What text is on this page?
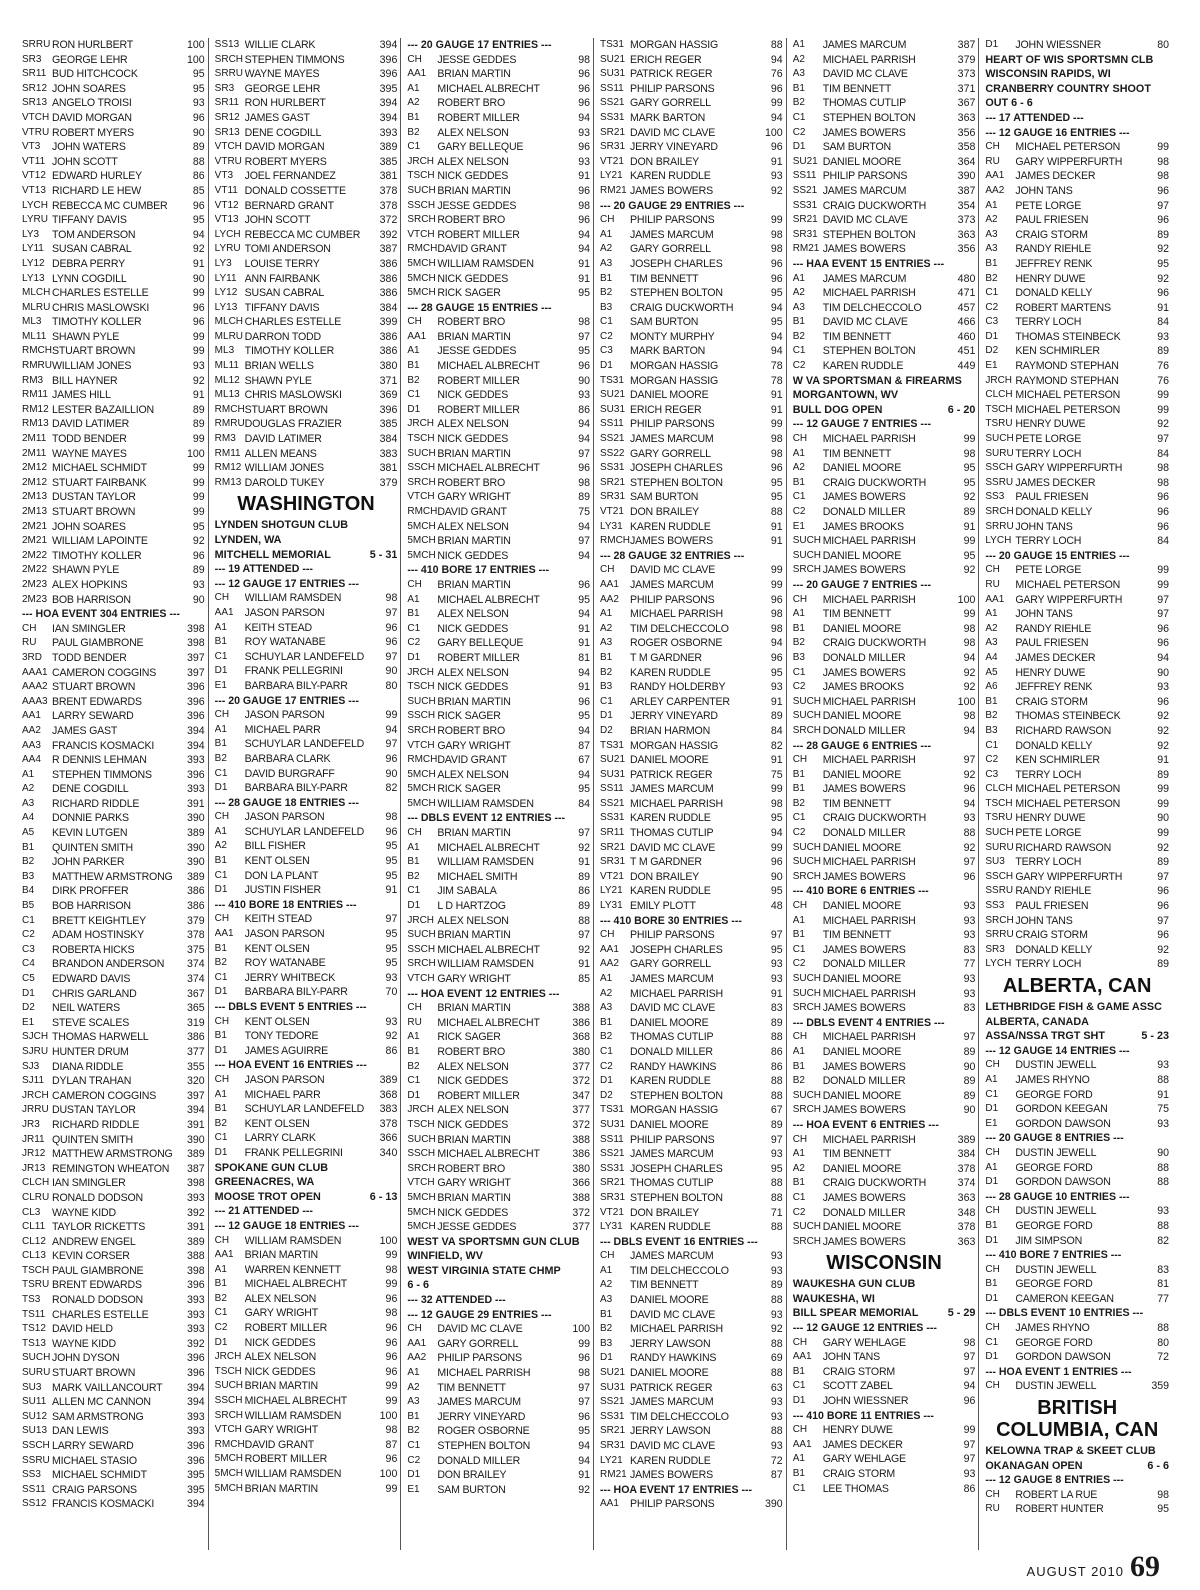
SRRU RON HURLBERT	100
SR3 GEORGE LEHR	100
SR11 BUD HITCHCOCK	95
SR12 JOHN SOARES	95
SR13 ANGELO TROISI	93
VTCH DAVID MORGAN	96
VTRU ROBERT MYERS	90
VT3	JOHN WATERS	89
VT11 JOHN SCOTT	88
VT12 EDWARD HURLEY	86
VT13 RICHARD LE HEW	85
LYCH REBECCA MC CUMBER	96
LYRU TIFFANY DAVIS	95
LY3	TOM ANDERSON	94
LY11 SUSAN CABRAL	92
LY12 DEBRA PERRY	91
LY13 LYNN COGDILL	90
MLCH CHARLES ESTELLE	99
MLRU CHRIS MASLOWSKI	96
ML3 TIMOTHY KOLLER	96
ML11 SHAWN PYLE	99
RMCH STUART BROWN	99
RMRU WILLIAM JONES	93
RM3 BILL HAYNER	92
RM11 JAMES HILL	91
RM12 LESTER BAZAILLION	89
RM13 DAVID LATIMER	89
2M11 TODD BENDER	99
2M11 WAYNE MAYES	100
2M12 MICHAEL SCHMIDT	99
2M12 STUART FAIRBANK	99
2M13 DUSTAN TAYLOR	99
2M13 STUART BROWN	99
2M21 JOHN SOARES	95
2M21 WILLIAM LAPOINTE	92
2M22 TIMOTHY KOLLER	96
2M22 SHAWN PYLE	89
2M23 ALEX HOPKINS	93
2M23 BOB HARRISON	90
--- HOA EVENT 304 ENTRIES ---
CH	IAN SMINGLER	398
RU	PAUL GIAMBRONE	398
3RD TODD BENDER	397
AAA1 CAMERON COGGINS	397
AAA2 STUART BROWN	396
AAA3 BRENT EDWARDS	396
AA1	LARRY SEWARD	396
AA2	JAMES GAST	394
AA3	FRANCIS KOSMACKI	394
AA4	R DENNIS LEHMAN	393
A1	STEPHEN TIMMONS	396
A2	DENE COGDILL	393
A3	RICHARD RIDDLE	391
A4	DONNIE PARKS	390
A5	KEVIN LUTGEN	389
B1	QUINTEN SMITH	390
B2	JOHN PARKER	390
B3	MATTHEW ARMSTRONG	389
B4	DIRK PROFFER	386
B5	BOB HARRISON	386
C1	BRETT KEIGHTLEY	379
C2	ADAM HOSTINSKY	378
C3	ROBERTA HICKS	375
C4	BRANDON ANDERSON	374
C5	EDWARD DAVIS	374
D1	CHRIS GARLAND	367
D2	NEIL WATERS	365
E1	STEVE SCALES	319
SJCH THOMAS HARWELL	386
SJRU HUNTER DRUM	377
SJ3	DIANA RIDDLE	355
SJ11 DYLAN TRAHAN	320
JRCH CAMERON COGGINS	397
JRRU DUSTAN TAYLOR	394
JR3	RICHARD RIDDLE	391
JR11 QUINTEN SMITH	390
JR12 MATTHEW ARMSTRONG	389
JR13 REMINGTON WHEATON	387
CLCH IAN SMINGLER	398
CLRU RONALD DODSON	393
CL3	WAYNE KIDD	392
CL11 TAYLOR RICKETTS	391
CL12 ANDREW ENGEL	389
CL13 KEVIN CORSER	388
TSCH PAUL GIAMBRONE	398
TSRU BRENT EDWARDS	396
TS3	RONALD DODSON	393
TS11 CHARLES ESTELLE	393
TS12 DAVID HELD	393
TS13 WAYNE KIDD	392
SUCH JOHN DYSON	396
SURU STUART BROWN	396
SU3 MARK VAILLANCOURT	394
SU11 ALLEN MC CANNON	394
SU12 SAM ARMSTRONG	393
SU13 DAN LEWIS	393
SSCH LARRY SEWARD	396
SSRU MICHAEL STASIO	396
SS3	MICHAEL SCHMIDT	395
SS11 CRAIG PARSONS	395
SS12 FRANCIS KOSMACKI	394
SS13 WILLIE CLARK	394
SRCH STEPHEN TIMMONS	396
SRRU WAYNE MAYES	396
SR3 GEORGE LEHR	395
SR11 RON HURLBERT	394
SR12 JAMES GAST	394
SR13 DENE COGDILL	393
VTCH DAVID MORGAN	389
VTRU ROBERT MYERS	385
VT3	JOEL FERNANDEZ	381
VT11 DONALD COSSETTE	378
VT12 BERNARD GRANT	378
VT13 JOHN SCOTT	372
LYCH REBECCA MC CUMBER	392
LYRU TOMI ANDERSON	387
LY3	LOUISE TERRY	386
LY11 ANN FAIRBANK	386
LY12 SUSAN CABRAL	386
LY13 TIFFANY DAVIS	384
MLCH CHARLES ESTELLE	399
MLRU DARRON TODD	386
ML3 TIMOTHY KOLLER	386
ML11 BRIAN WELLS	380
ML12 SHAWN PYLE	371
ML13 CHRIS MASLOWSKI	369
RMCH STUART BROWN	396
RMRU DOUGLAS FRAZIER	385
RM3 DAVID LATIMER	384
RM11 ALLEN MEANS	383
RM12 WILLIAM JONES	381
RM13 DAROLD TUKEY	379
WASHINGTON
LYNDEN SHOTGUN CLUB
LYNDEN, WA
MITCHELL MEMORIAL	5 - 31
--- 19 ATTENDED ---
--- 12 GAUGE 17 ENTRIES ---
CH	WILLIAM RAMSDEN	98
AA1	JASON PARSON	97
A1	KEITH STEAD	96
B1	ROY WATANABE	96
C1	SCHUYLAR LANDEFELD	97
D1	FRANK PELLEGRINI	90
E1	BARBARA BILY-PARR	80
--- 20 GAUGE 17 ENTRIES ---
CH	JASON PARSON	99
A1	MICHAEL PARR	94
B1	SCHUYLAR LANDEFELD	97
B2	BARBARA CLARK	96
C1	DAVID BURGRAFF	90
D1	BARBARA BILY-PARR	82
--- 28 GAUGE 18 ENTRIES ---
CH	JASON PARSON	98
A1	SCHUYLAR LANDEFELD	96
A2	BILL FISHER	95
B1	KENT OLSEN	95
C1	DON LA PLANT	95
D1	JUSTIN FISHER	91
--- 410 BORE 18 ENTRIES ---
CH	KEITH STEAD	97
AA1	JASON PARSON	95
B1	KENT OLSEN	95
B2	ROY WATANABE	95
C1	JERRY WHITBECK	93
D1	BARBARA BILY-PARR	70
--- DBLS EVENT 5 ENTRIES ---
CH	KENT OLSEN	93
B1	TONY TEDORE	92
D1	JAMES AGUIRRE	86
--- HOA EVENT 16 ENTRIES ---
CH	JASON PARSON	389
A1	MICHAEL PARR	368
B1	SCHUYLAR LANDEFELD	383
B2	KENT OLSEN	378
C1	LARRY CLARK	366
D1	FRANK PELLEGRINI	340
SPOKANE GUN CLUB
GREENACRES, WA
MOOSE TROT OPEN	6 - 13
--- 21 ATTENDED ---
--- 12 GAUGE 18 ENTRIES ---
CH	WILLIAM RAMSDEN	100
AA1	BRIAN MARTIN	99
A1	WARREN KENNETT	98
B1	MICHAEL ALBRECHT	99
B2	ALEX NELSON	96
C1	GARY WRIGHT	98
C2	ROBERT MILLER	96
D1	NICK GEDDES	96
JRCH ALEX NELSON	96
TSCH NICK GEDDES	96
SUCH BRIAN MARTIN	99
SSCH MICHAEL ALBRECHT	99
SRCH WILLIAM RAMSDEN	100
VTCH GARY WRIGHT	98
RMCH DAVID GRANT	87
5MCH ROBERT MILLER	96
5MCH WILLIAM RAMSDEN	100
5MCH BRIAN MARTIN	99
--- 20 GAUGE 17 ENTRIES ---
CH	JESSE GEDDES	98
AA1	BRIAN MARTIN	96
A1	MICHAEL ALBRECHT	96
A2	ROBERT BRO	96
B1	ROBERT MILLER	94
B2	ALEX NELSON	93
C1	GARY BELLEQUE	96
JRCH ALEX NELSON	93
TSCH NICK GEDDES	91
SUCH BRIAN MARTIN	96
SSCH JESSE GEDDES	98
SRCH ROBERT BRO	96
VTCH ROBERT MILLER	94
RMCH DAVID GRANT	94
5MCH WILLIAM RAMSDEN	91
5MCH NICK GEDDES	91
5MCH RICK SAGER	95
--- 28 GAUGE 15 ENTRIES ---
CH	ROBERT BRO	98
AA1	BRIAN MARTIN	97
A1	JESSE GEDDES	95
B1	MICHAEL ALBRECHT	96
B2	ROBERT MILLER	90
C1	NICK GEDDES	93
D1	ROBERT MILLER	86
JRCH ALEX NELSON	94
TSCH NICK GEDDES	94
SUCH BRIAN MARTIN	97
SSCH MICHAEL ALBRECHT	96
SRCH ROBERT BRO	98
VTCH GARY WRIGHT	89
RMCH DAVID GRANT	75
5MCH ALEX NELSON	94
5MCH BRIAN MARTIN	97
5MCH NICK GEDDES	94
--- 410 BORE 17 ENTRIES ---
CH	BRIAN MARTIN	96
A1	MICHAEL ALBRECHT	95
B1	ALEX NELSON	94
C1	NICK GEDDES	91
C2	GARY BELLEQUE	91
D1	ROBERT MILLER	81
JRCH ALEX NELSON	94
TSCH NICK GEDDES	91
SUCH BRIAN MARTIN	96
SSCH RICK SAGER	95
SRCH ROBERT BRO	94
VTCH GARY WRIGHT	87
RMCH DAVID GRANT	67
5MCH ALEX NELSON	94
5MCH RICK SAGER	95
5MCH WILLIAM RAMSDEN	84
--- DBLS EVENT 12 ENTRIES ---
CH	BRIAN MARTIN	97
A1	MICHAEL ALBRECHT	92
B1	WILLIAM RAMSDEN	91
B2	MICHAEL SMITH	89
C1	JIM SABALA	86
D1	L D HARTZOG	89
JRCH ALEX NELSON	88
SUCH BRIAN MARTIN	97
SSCH MICHAEL ALBRECHT	92
SRCH WILLIAM RAMSDEN	91
VTCH GARY WRIGHT	85
--- HOA EVENT 12 ENTRIES ---
CH	BRIAN MARTIN	388
RU	MICHAEL ALBRECHT	386
A1	RICK SAGER	368
B1	ROBERT BRO	380
B2	ALEX NELSON	377
C1	NICK GEDDES	372
D1	ROBERT MILLER	347
JRCH ALEX NELSON	377
TSCH NICK GEDDES	372
SUCH BRIAN MARTIN	388
SSCH MICHAEL ALBRECHT	386
SRCH ROBERT BRO	380
VTCH GARY WRIGHT	366
5MCH BRIAN MARTIN	388
5MCH NICK GEDDES	372
5MCH JESSE GEDDES	377
WEST VA SPORTSMN GUN CLUB
WINFIELD, WV
WEST VIRGINIA STATE CHMP
6 - 6
--- 32 ATTENDED ---
--- 12 GAUGE 29 ENTRIES ---
CH	DAVID MC CLAVE	100
AA1	GARY GORRELL	99
AA2	PHILIP PARSONS	96
A1	MICHAEL PARRISH	98
A2	TIM BENNETT	97
A3	JAMES MARCUM	97
B1	JERRY VINEYARD	96
B2	ROGER OSBORNE	95
C1	STEPHEN BOLTON	94
C2	DONALD MILLER	94
D1	DON BRAILEY	91
E1	SAM BURTON	92
TS31 MORGAN HASSIG	88
SU21 ERICH REGER	94
SU31 PATRICK REGER	76
SS11 PHILIP PARSONS	96
SS21 GARY GORRELL	99
SS31 MARK BARTON	94
SR21 DAVID MC CLAVE	100
SR31 JERRY VINEYARD	96
VT21 DON BRAILEY	91
LY21 KAREN RUDDLE	93
RM21 JAMES BOWERS	92
--- 20 GAUGE 29 ENTRIES ---
CH	PHILIP PARSONS	99
A1	JAMES MARCUM	98
A2	GARY GORRELL	98
A3	JOSEPH CHARLES	96
B1	TIM BENNETT	96
B2	STEPHEN BOLTON	95
B3	CRAIG DUCKWORTH	94
C1	SAM BURTON	95
C2	MONTY MURPHY	94
C3	MARK BARTON	94
D1	MORGAN HASSIG	78
TS31 MORGAN HASSIG	78
SU21 DANIEL MOORE	91
SU31 ERICH REGER	91
SS11 PHILIP PARSONS	99
SS21 JAMES MARCUM	98
SS22 GARY GORRELL	98
SS31 JOSEPH CHARLES	96
SR21 STEPHEN BOLTON	95
SR31 SAM BURTON	95
VT21 DON BRAILEY	88
LY31 KAREN RUDDLE	91
RMCH JAMES BOWERS	91
--- 28 GAUGE 32 ENTRIES ---
CH	DAVID MC CLAVE	99
AA1	JAMES MARCUM	99
AA2	PHILIP PARSONS	96
A1	MICHAEL PARRISH	98
A2	TIM DELCHECCOLO	98
A3	ROGER OSBORNE	94
B1	T M GARDNER	96
B2	KAREN RUDDLE	95
B3	RANDY HOLDERBY	93
C1	ARLEY CARPENTER	91
D1	JERRY VINEYARD	89
D2	BRIAN HARMON	84
TS31 MORGAN HASSIG	82
SU21 DANIEL MOORE	91
SU31 PATRICK REGER	75
SS11 JAMES MARCUM	99
SS21 MICHAEL PARRISH	98
SS31 KAREN RUDDLE	95
SR11 THOMAS CUTLIP	94
SR21 DAVID MC CLAVE	99
SR31 T M GARDNER	96
VT21 DON BRAILEY	90
LY21 KAREN RUDDLE	95
LY31 EMILY PLOTT	48
--- 410 BORE 30 ENTRIES ---
CH	PHILIP PARSONS	97
AA1	JOSEPH CHARLES	95
AA2	GARY GORRELL	93
A1	JAMES MARCUM	93
A2	MICHAEL PARRISH	91
A3	DAVID MC CLAVE	83
B1	DANIEL MOORE	89
B2	THOMAS CUTLIP	88
C1	DONALD MILLER	86
C2	RANDY HAWKINS	86
D1	KAREN RUDDLE	88
D2	STEPHEN BOLTON	88
TS31 MORGAN HASSIG	67
SU31 DANIEL MOORE	89
SS11 PHILIP PARSONS	97
SS21 JAMES MARCUM	93
SS31 JOSEPH CHARLES	95
SR21 THOMAS CUTLIP	88
SR31 STEPHEN BOLTON	88
VT21 DON BRAILEY	71
LY31 KAREN RUDDLE	88
--- DBLS EVENT 16 ENTRIES ---
CH	JAMES MARCUM	93
A1	TIM DELCHECCOLO	93
A2	TIM BENNETT	89
A3	DANIEL MOORE	88
B1	DAVID MC CLAVE	93
B2	MICHAEL PARRISH	92
B3	JERRY LAWSON	88
D1	RANDY HAWKINS	69
SU21 DANIEL MOORE	88
SU31 PATRICK REGER	63
SS21 JAMES MARCUM	93
SS31 TIM DELCHECCOLO	93
SR21 JERRY LAWSON	88
SR31 DAVID MC CLAVE	93
LY21 KAREN RUDDLE	72
RM21 JAMES BOWERS	87
--- HOA EVENT 17 ENTRIES ---
AA1	PHILIP PARSONS	390
A1	JAMES MARCUM	387
A2	MICHAEL PARRISH	379
A3	DAVID MC CLAVE	373
B1	TIM BENNETT	371
B2	THOMAS CUTLIP	367
C1	STEPHEN BOLTON	363
C2	JAMES BOWERS	356
D1	SAM BURTON	358
SU21 DANIEL MOORE	364
SS11 PHILIP PARSONS	390
SS21 JAMES MARCUM	387
SS31 CRAIG DUCKWORTH	354
SR21 DAVID MC CLAVE	373
SR31 STEPHEN BOLTON	363
RM21 JAMES BOWERS	356
--- HAA EVENT 15 ENTRIES ---
A1	JAMES MARCUM	480
A2	MICHAEL PARRISH	471
A3	TIM DELCHECCOLO	457
B1	DAVID MC CLAVE	466
B2	TIM BENNETT	460
C1	STEPHEN BOLTON	451
C2	KAREN RUDDLE	449
W VA SPORTSMAN & FIREARMS
MORGANTOWN, WV
BULL DOG OPEN	6 - 20
--- 12 GAUGE 7 ENTRIES ---
CH	MICHAEL PARRISH	99
A1	TIM BENNETT	98
A2	DANIEL MOORE	95
B1	CRAIG DUCKWORTH	95
C1	JAMES BOWERS	92
C2	DONALD MILLER	89
E1	JAMES BROOKS	91
SUCH MICHAEL PARRISH	99
SUCH DANIEL MOORE	95
SRCH JAMES BOWERS	92
--- 20 GAUGE 7 ENTRIES ---
CH	MICHAEL PARRISH	100
A1	TIM BENNETT	99
B1	DANIEL MOORE	98
B2	CRAIG DUCKWORTH	98
B3	DONALD MILLER	94
C1	JAMES BOWERS	92
C2	JAMES BROOKS	92
SUCH MICHAEL PARRISH	100
SUCH DANIEL MOORE	98
SRCH DONALD MILLER	94
--- 28 GAUGE 6 ENTRIES ---
CH	MICHAEL PARRISH	97
B1	DANIEL MOORE	92
B1	JAMES BOWERS	96
B2	TIM BENNETT	94
C1	CRAIG DUCKWORTH	93
C2	DONALD MILLER	88
SUCH DANIEL MOORE	92
SUCH MICHAEL PARRISH	97
SRCH JAMES BOWERS	96
--- 410 BORE 6 ENTRIES ---
CH	DANIEL MOORE	93
A1	MICHAEL PARRISH	93
B1	TIM BENNETT	93
C1	JAMES BOWERS	83
C2	DONALD MILLER	77
SUCH DANIEL MOORE	93
SUCH MICHAEL PARRISH	93
SRCH JAMES BOWERS	83
--- DBLS EVENT 4 ENTRIES ---
CH	MICHAEL PARRISH	97
A1	DANIEL MOORE	89
B1	JAMES BOWERS	90
B2	DONALD MILLER	89
SUCH DANIEL MOORE	89
SRCH JAMES BOWERS	90
--- HOA EVENT 6 ENTRIES ---
CH	MICHAEL PARRISH	389
A1	TIM BENNETT	384
A2	DANIEL MOORE	378
B1	CRAIG DUCKWORTH	374
C1	JAMES BOWERS	363
C2	DONALD MILLER	348
SUCH DANIEL MOORE	378
SRCH JAMES BOWERS	363
WISCONSIN
WAUKESHA GUN CLUB
WAUKESHA, WI
BILL SPEAR MEMORIAL	5 - 29
--- 12 GAUGE 12 ENTRIES ---
CH	GARY WEHLAGE	98
AA1	JOHN TANS	97
B1	CRAIG STORM	97
C1	SCOTT ZABEL	94
D1	JOHN WIESSNER	96
--- 410 BORE 11 ENTRIES ---
CH	HENRY DUWE	99
AA1	JAMES DECKER	97
A1	GARY WEHLAGE	97
B1	CRAIG STORM	93
C1	LEE THOMAS	86
D1	JOHN WIESSNER	80
HEART OF WIS SPORTSMN CLB
WISCONSIN RAPIDS, WI
CRANBERRY COUNTRY SHOOT
OUT 6 - 6
--- 17 ATTENDED ---
--- 12 GAUGE 16 ENTRIES ---
CH	MICHAEL PETERSON	99
RU	GARY WIPPERFURTH	98
AA1	JAMES DECKER	98
AA2	JOHN TANS	96
A1	PETE LORGE	97
A2	PAUL FRIESEN	96
A3	CRAIG STORM	89
A3	RANDY RIEHLE	92
B1	JEFFREY RENK	95
B2	HENRY DUWE	92
C1	DONALD KELLY	96
C2	ROBERT MARTENS	91
C3	TERRY LOCH	84
D1	THOMAS STEINBECK	93
D2	KEN SCHMIRLER	89
E1	RAYMOND STEPHAN	76
JRCH RAYMOND STEPHAN	76
CLCH MICHAEL PETERSON	99
TSCH MICHAEL PETERSON	99
TSRU HENRY DUWE	92
SUCH PETE LORGE	97
SURU TERRY LOCH	84
SSCH GARY WIPPERFURTH	98
SSRU JAMES DECKER	98
SS3	PAUL FRIESEN	96
SRCH DONALD KELLY	96
SRRU JOHN TANS	96
LYCH TERRY LOCH	84
--- 20 GAUGE 15 ENTRIES ---
CH	PETE LORGE	99
RU	MICHAEL PETERSON	99
AA1	GARY WIPPERFURTH	97
A1	JOHN TANS	97
A2	RANDY RIEHLE	96
A3	PAUL FRIESEN	96
A4	JAMES DECKER	94
A5	HENRY DUWE	90
A6	JEFFREY RENK	93
B1	CRAIG STORM	96
B2	THOMAS STEINBECK	92
B3	RICHARD RAWSON	92
C1	DONALD KELLY	92
C2	KEN SCHMIRLER	91
C3	TERRY LOCH	89
CLCH MICHAEL PETERSON	99
TSCH MICHAEL PETERSON	99
TSRU HENRY DUWE	90
SUCH PETE LORGE	99
SURU RICHARD RAWSON	92
SU3 TERRY LOCH	89
SSCH GARY WIPPERFURTH	97
SSRU RANDY RIEHLE	96
SS3	PAUL FRIESEN	96
SRCH JOHN TANS	97
SRRU CRAIG STORM	96
SR3 DONALD KELLY	92
LYCH TERRY LOCH	89
ALBERTA, CAN
LETHBRIDGE FISH & GAME ASSC
ALBERTA, CANADA
ASSA/NSSA TRGT SHT	5 - 23
--- 12 GAUGE 14 ENTRIES ---
CH	DUSTIN JEWELL	93
A1	JAMES RHYNO	88
C1	GEORGE FORD	91
D1	GORDON KEEGAN	75
E1	GORDON DAWSON	93
--- 20 GAUGE 8 ENTRIES ---
CH	DUSTIN JEWELL	90
A1	GEORGE FORD	88
D1	GORDON DAWSON	88
--- 28 GAUGE 10 ENTRIES ---
CH	DUSTIN JEWELL	93
B1	GEORGE FORD	88
D1	JIM SIMPSON	82
--- 410 BORE 7 ENTRIES ---
CH	DUSTIN JEWELL	83
B1	GEORGE FORD	81
D1	CAMERON KEEGAN	77
--- DBLS EVENT 10 ENTRIES ---
CH	JAMES RHYNO	88
C1	GEORGE FORD	80
D1	GORDON DAWSON	72
--- HOA EVENT 1 ENTRIES ---
CH	DUSTIN JEWELL	359
BRITISH COLUMBIA, CAN
KELOWNA TRAP & SKEET CLUB
OKANAGAN OPEN	6 - 6
--- 12 GAUGE 8 ENTRIES ---
CH	ROBERT LA RUE	98
RU	ROBERT HUNTER	95
AUGUST 2010 69
